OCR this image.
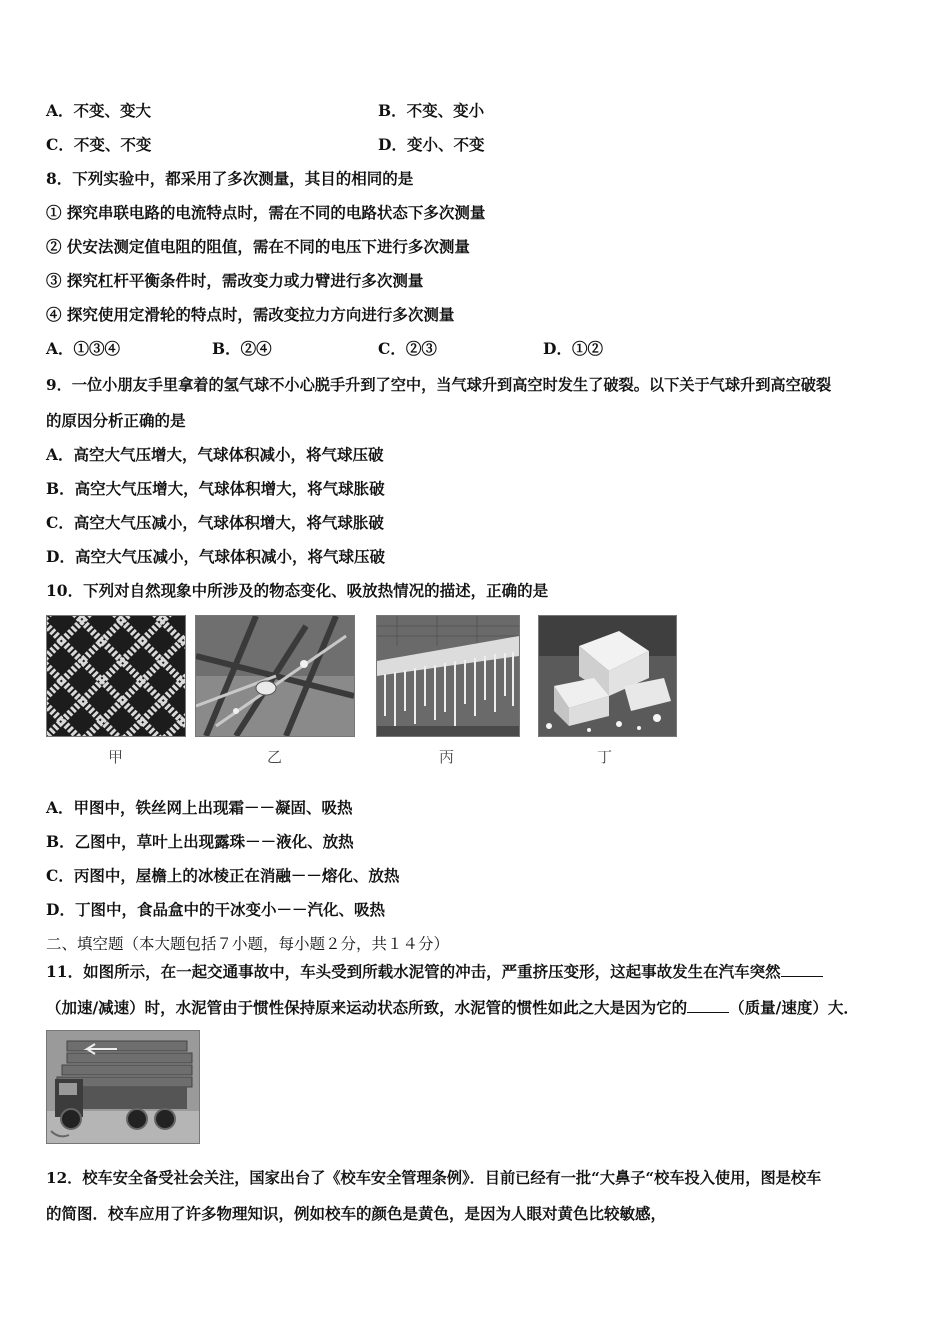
A．不变、变大	B．不变、变小
C．不变、不变	D．变小、不变
8．下列实验中，都采用了多次测量，其目的相同的是
① 探究串联电路的电流特点时，需在不同的电路状态下多次测量
② 伏安法测定值电阻的阻值，需在不同的电压下进行多次测量
③ 探究杠杆平衡条件时，需改变力或力臂进行多次测量
④ 探究使用定滑轮的特点时，需改变拉力方向进行多次测量
A．①③④	B．②④	C．②③	D．①②
9．一位小朋友手里拿着的氢气球不小心脱手升到了空中，当气球升到高空时发生了破裂。以下关于气球升到高空破裂
的原因分析正确的是
A．高空大气压增大，气球体积减小，将气球压破
B．高空大气压增大，气球体积增大，将气球胀破
C．高空大气压减小，气球体积增大，将气球胀破
D．高空大气压减小，气球体积减小，将气球压破
10．下列对自然现象中所涉及的物态变化、吸放热情况的描述，正确的是
甲	乙	丙	丁
A．甲图中，铁丝网上出现霜－－凝固、吸热
B．乙图中，草叶上出现露珠－－液化、放热
C．丙图中，屋檐上的冰棱正在消融－－熔化、放热
D．丁图中，食品盒中的干冰变小－－汽化、吸热
二、填空题（本大题包括７小题，每小题２分，共１４分）
11．如图所示，在一起交通事故中，车头受到所载水泥管的冲击，严重挤压变形，这起事故发生在汽车突然
（加速/减速）时，水泥管由于惯性保持原来运动状态所致，水泥管的惯性如此之大是因为它的	（质量/速度）大．
12．校车安全备受社会关注，国家出台了《校车安全管理条例》．目前已经有一批“大鼻子“校车投入使用，图是校车
的简图．校车应用了许多物理知识，例如校车的颜色是黄色，是因为人眼对黄色比较敏感，
